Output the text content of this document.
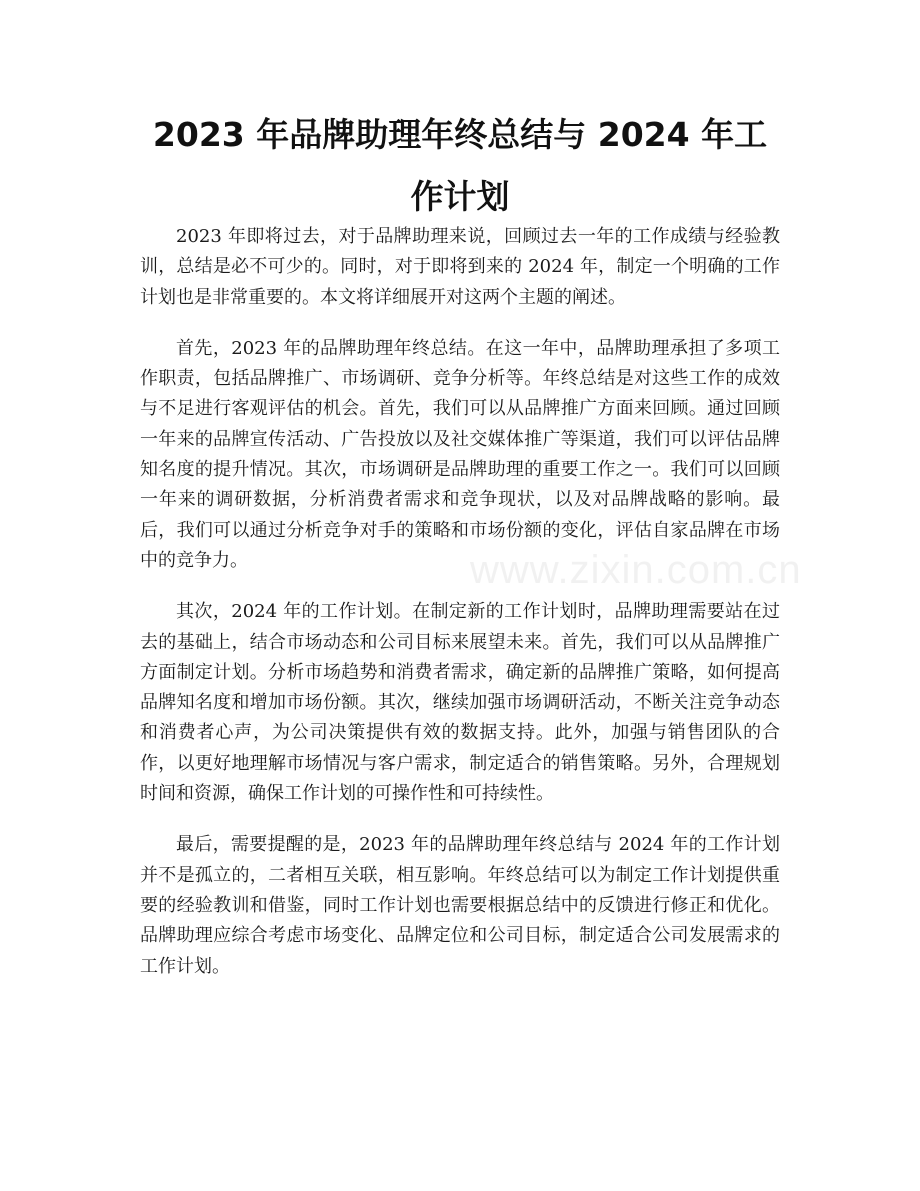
2023 年品牌助理年终总结与 2024 年工作计划

2023 年即将过去，对于品牌助理来说，回顾过去一年的工作成绩与经验教训，总结是必不可少的。同时，对于即将到来的 2024 年，制定一个明确的工作计划也是非常重要的。本文将详细展开对这两个主题的阐述。

首先，2023 年的品牌助理年终总结。在这一年中，品牌助理承担了多项工作职责，包括品牌推广、市场调研、竞争分析等。年终总结是对这些工作的成效与不足进行客观评估的机会。首先，我们可以从品牌推广方面来回顾。通过回顾一年来的品牌宣传活动、广告投放以及社交媒体推广等渠道，我们可以评估品牌知名度的提升情况。其次，市场调研是品牌助理的重要工作之一。我们可以回顾一年来的调研数据，分析消费者需求和竞争现状，以及对品牌战略的影响。最后，我们可以通过分析竞争对手的策略和市场份额的变化，评估自家品牌在市场中的竞争力。

其次，2024 年的工作计划。在制定新的工作计划时，品牌助理需要站在过去的基础上，结合市场动态和公司目标来展望未来。首先，我们可以从品牌推广方面制定计划。分析市场趋势和消费者需求，确定新的品牌推广策略，如何提高品牌知名度和增加市场份额。其次，继续加强市场调研活动，不断关注竞争动态和消费者心声，为公司决策提供有效的数据支持。此外，加强与销售团队的合作，以更好地理解市场情况与客户需求，制定适合的销售策略。另外，合理规划时间和资源，确保工作计划的可操作性和可持续性。

最后，需要提醒的是，2023 年的品牌助理年终总结与 2024 年的工作计划并不是孤立的，二者相互关联，相互影响。年终总结可以为制定工作计划提供重要的经验教训和借鉴，同时工作计划也需要根据总结中的反馈进行修正和优化。品牌助理应综合考虑市场变化、品牌定位和公司目标，制定适合公司发展需求的工作计划。

www.zixin.com.cn
